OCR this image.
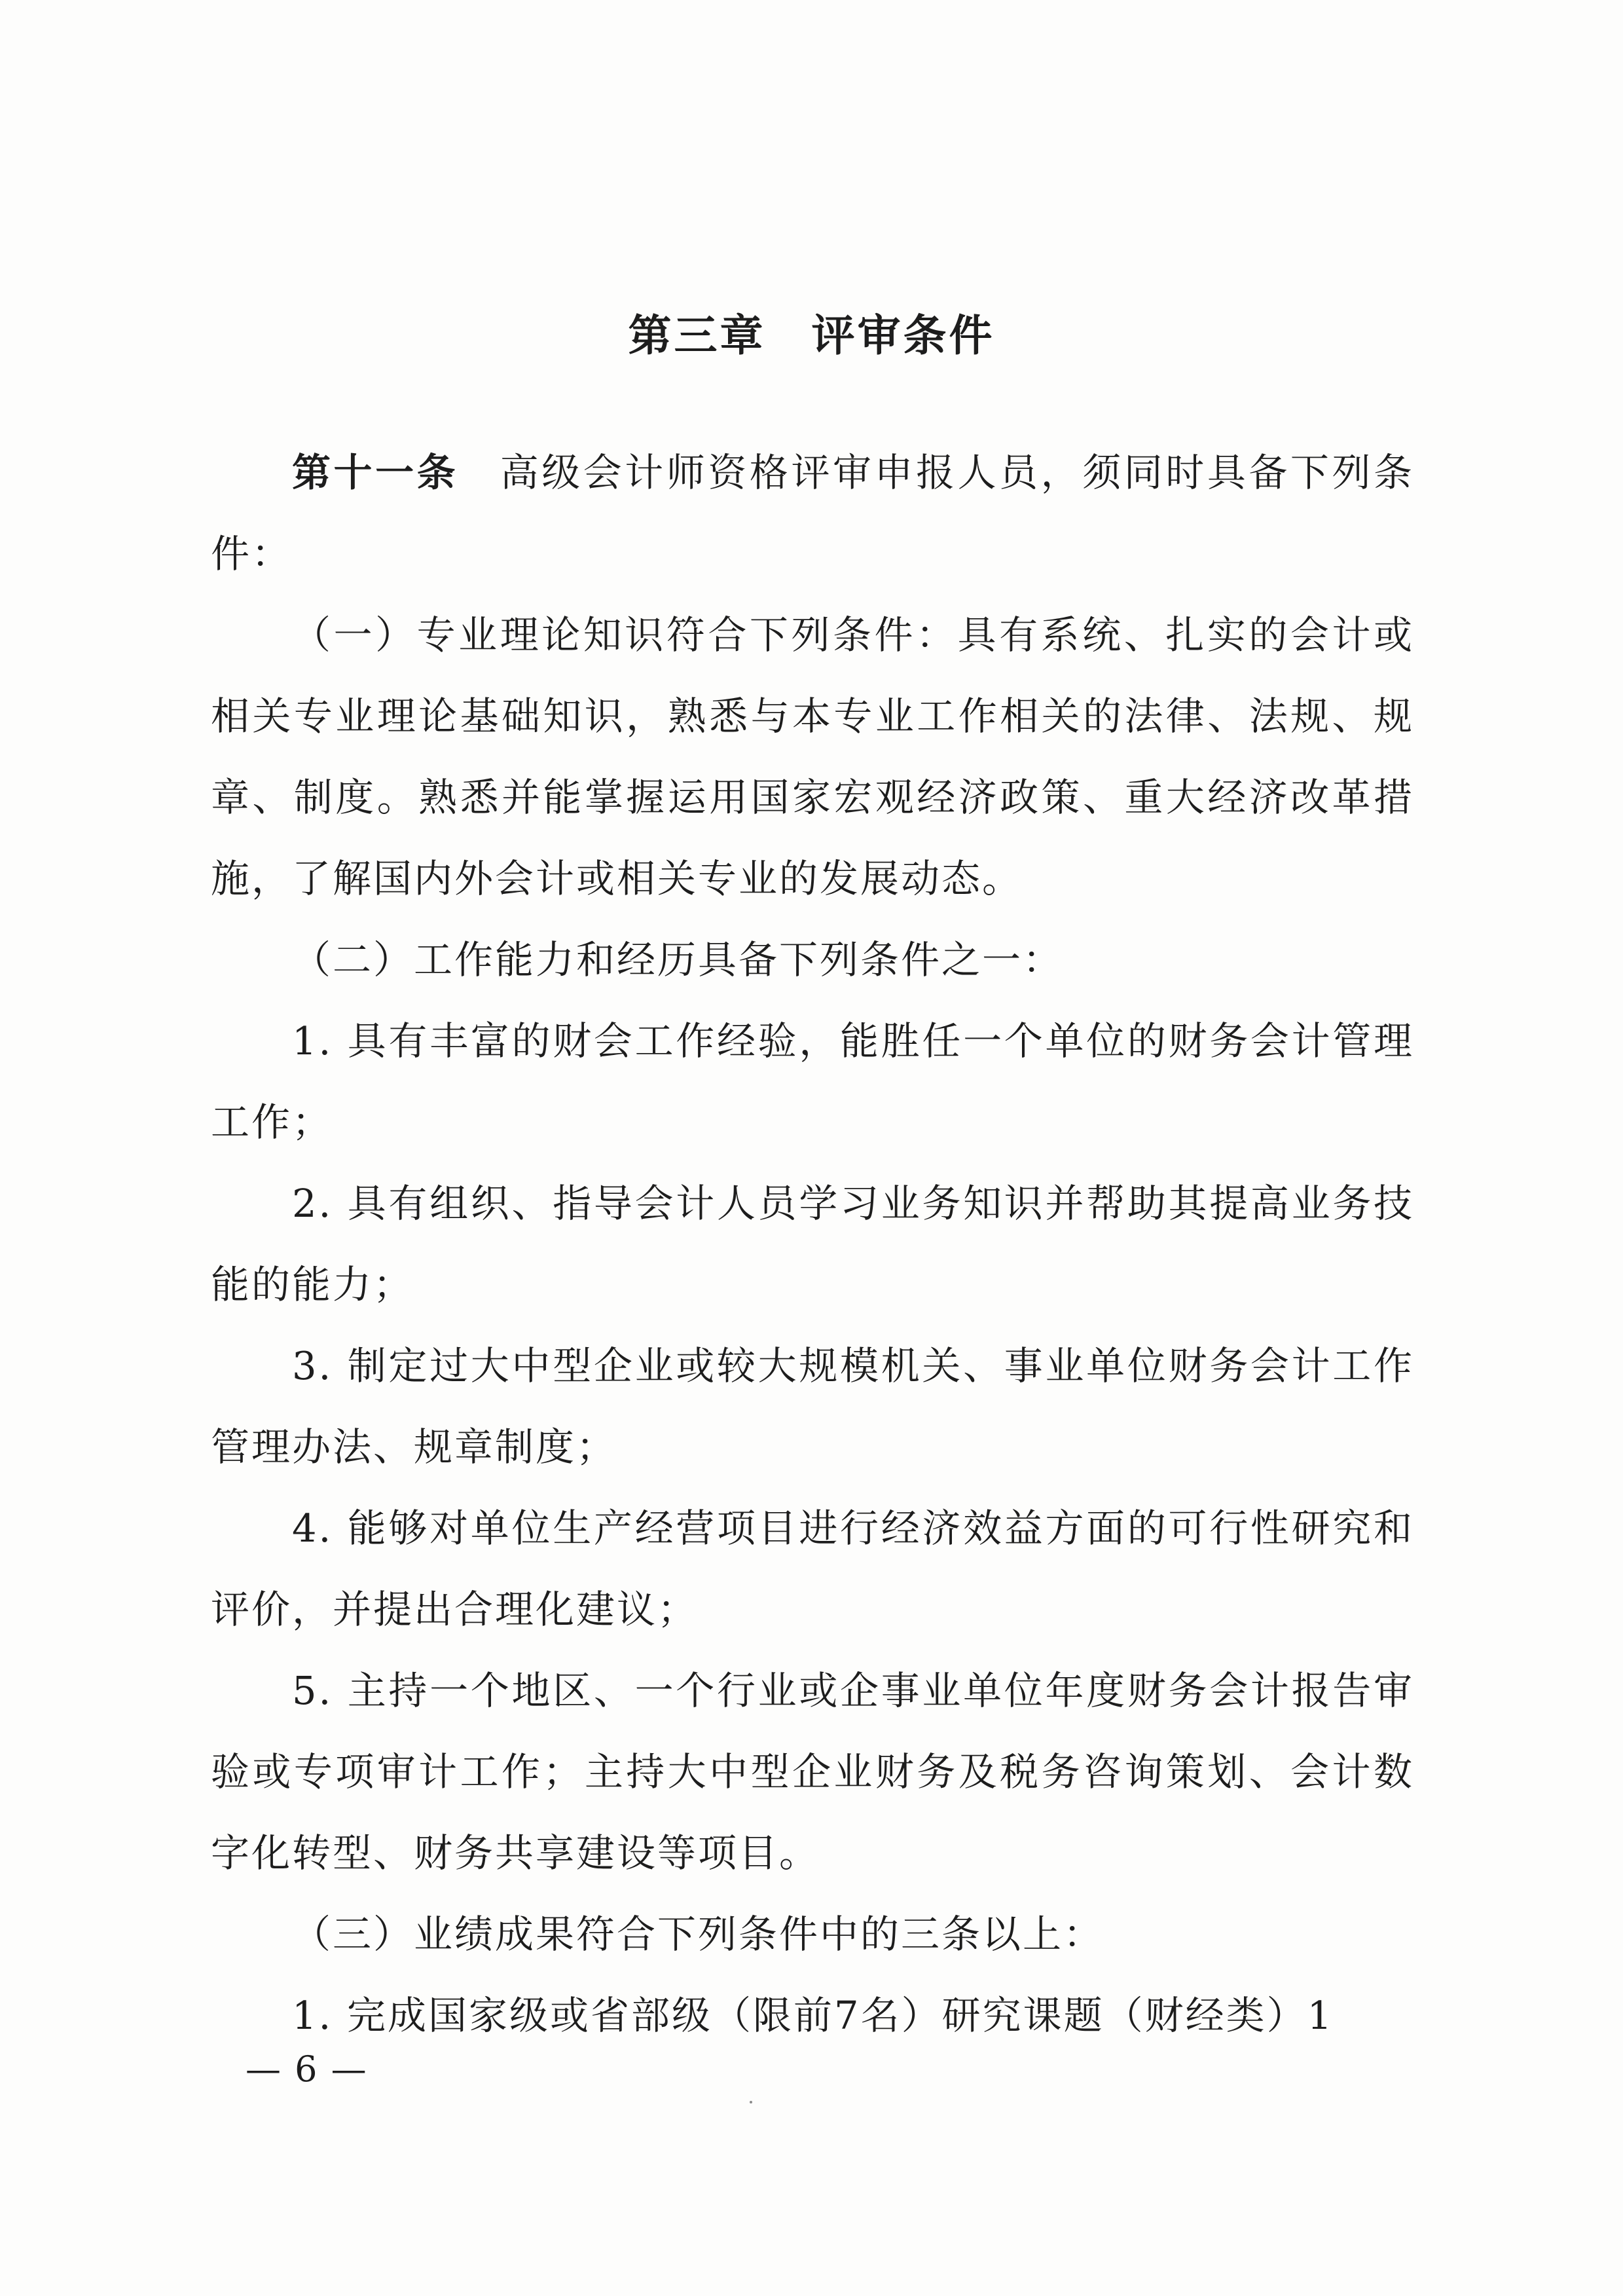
第三章 评审条件

第十一条 高级会计师资格评审申报人员，须同时具备下列条件：

（一）专业理论知识符合下列条件：具有系统、扎实的会计或相关专业理论基础知识，熟悉与本专业工作相关的法律、法规、规章、制度。熟悉并能掌握运用国家宏观经济政策、重大经济改革措施，了解国内外会计或相关专业的发展动态。

（二）工作能力和经历具备下列条件之一：

1. 具有丰富的财会工作经验，能胜任一个单位的财务会计管理工作；

2. 具有组织、指导会计人员学习业务知识并帮助其提高业务技能的能力；

3. 制定过大中型企业或较大规模机关、事业单位财务会计工作管理办法、规章制度；

4. 能够对单位生产经营项目进行经济效益方面的可行性研究和评价，并提出合理化建议；

5. 主持一个地区、一个行业或企事业单位年度财务会计报告审验或专项审计工作；主持大中型企业财务及税务咨询策划、会计数字化转型、财务共享建设等项目。

（三）业绩成果符合下列条件中的三条以上：

1. 完成国家级或省部级（限前7名）研究课题（财经类）1

— 6 —
